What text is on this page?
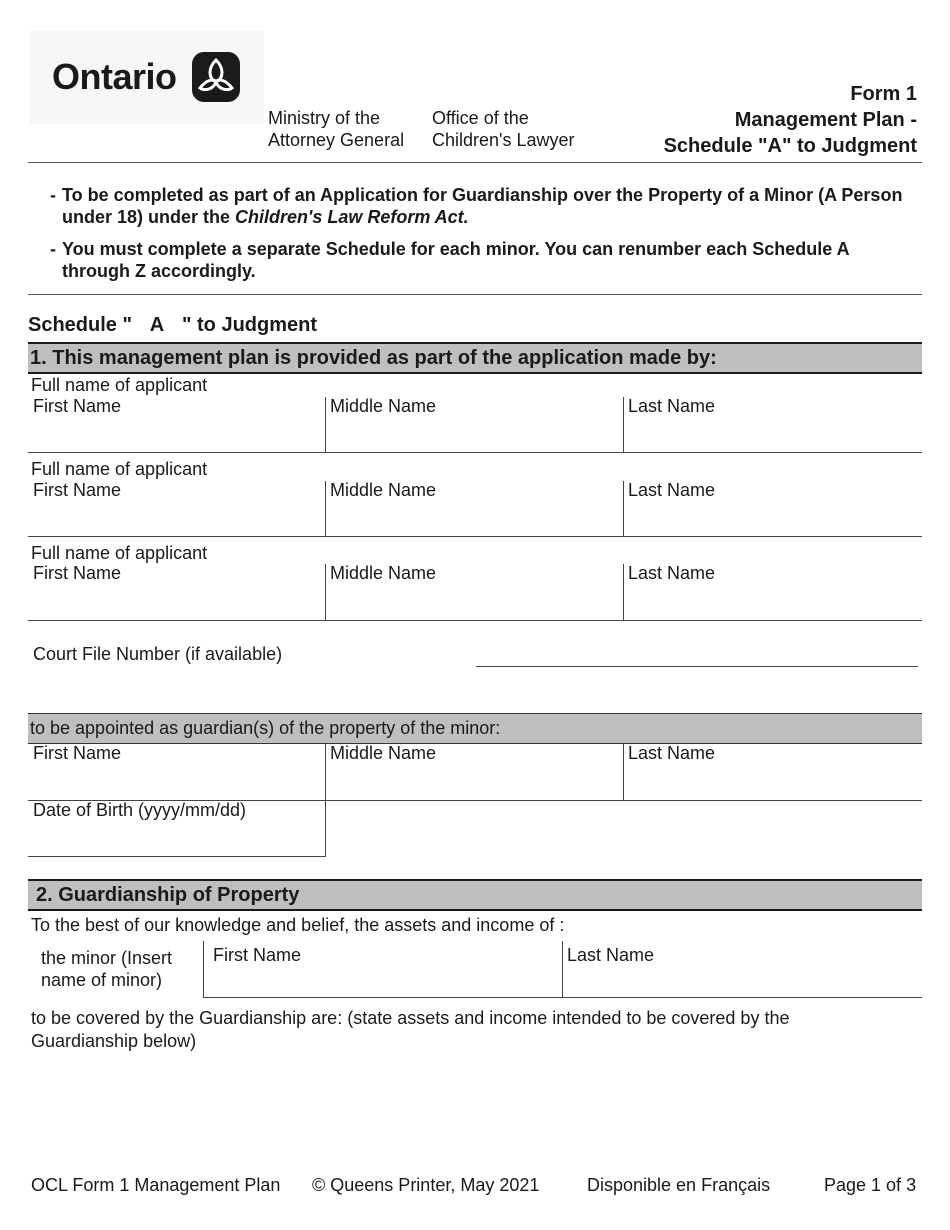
Ontario
Ministry of the
Attorney General
Office of the
Children's Lawyer
Form 1
Management Plan -
Schedule "A" to Judgment
- To be completed as part of an Application for Guardianship over the Property of a Minor (A Person under 18) under the Children's Law Reform Act.
- You must complete a separate Schedule for each minor. You can renumber each Schedule A through Z accordingly.
Schedule " A " to Judgment
1. This management plan is provided as part of the application made by:
Full name of applicant
First Name	Middle Name	Last Name
Full name of applicant
First Name	Middle Name	Last Name
Full name of applicant
First Name	Middle Name	Last Name
Court File Number (if available)
to be appointed as guardian(s) of the property of the minor:
First Name	Middle Name	Last Name
Date of Birth (yyyy/mm/dd)
2. Guardianship of Property
To the best of our knowledge and belief, the assets and income of :
the minor (Insert
name of minor)
First Name	Last Name
to be covered by the Guardianship are: (state assets and income intended to be covered by the
Guardianship below)
OCL Form 1 Management Plan © Queens Printer, May 2021	Disponible en Français	Page 1 of 3
